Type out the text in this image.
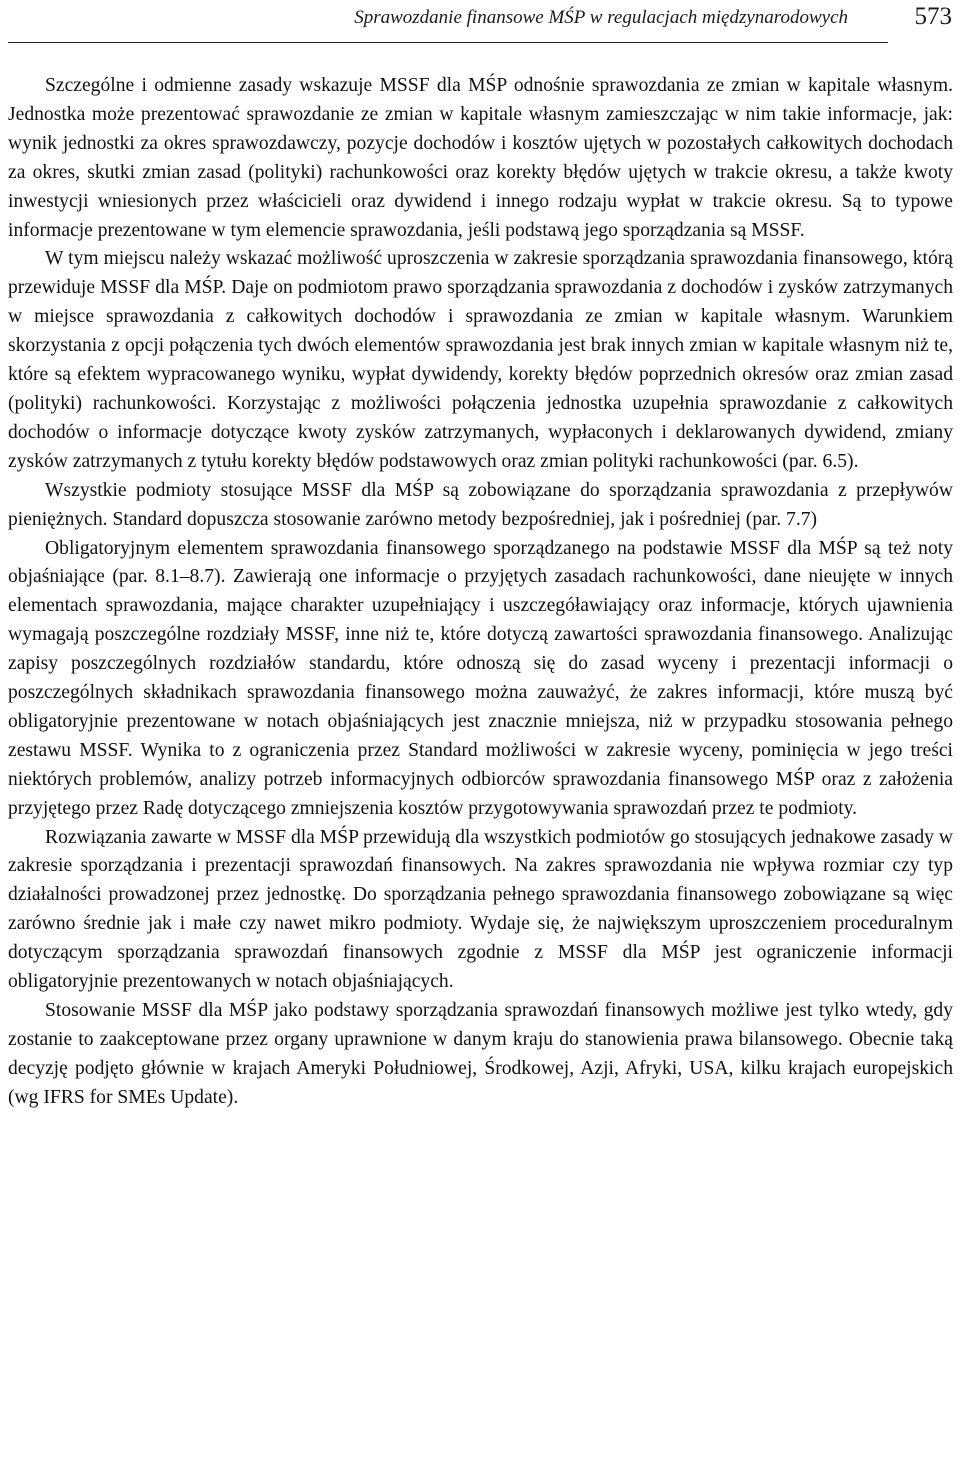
Sprawozdanie finansowe MŚP w regulacjach międzynarodowych	573

Szczególne i odmienne zasady wskazuje MSSF dla MŚP odnośnie sprawozdania ze zmian w kapitale własnym. Jednostka może prezentować sprawozdanie ze zmian w kapitale własnym zamieszczając w nim takie informacje, jak: wynik jednostki za okres sprawozdawczy, pozycje dochodów i kosztów ujętych w pozostałych całkowitych dochodach za okres, skutki zmian zasad (polityki) rachunkowości oraz korekty błędów ujętych w trakcie okresu, a także kwoty inwestycji wniesionych przez właścicieli oraz dywidend i innego rodzaju wypłat w trakcie okresu. Są to typowe informacje prezentowane w tym elemencie sprawozdania, jeśli podstawą jego sporządzania są MSSF.

W tym miejscu należy wskazać możliwość uproszczenia w zakresie sporządzania sprawozdania finansowego, którą przewiduje MSSF dla MŚP. Daje on podmiotom prawo sporządzania sprawozdania z dochodów i zysków zatrzymanych w miejsce sprawozdania z całkowitych dochodów i sprawozdania ze zmian w kapitale własnym. Warunkiem skorzystania z opcji połączenia tych dwóch elementów sprawozdania jest brak innych zmian w kapitale własnym niż te, które są efektem wypracowanego wyniku, wypłat dywidendy, korekty błędów poprzednich okresów oraz zmian zasad (polityki) rachunkowości. Korzystając z możliwości połączenia jednostka uzupełnia sprawozdanie z całkowitych dochodów o informacje dotyczące kwoty zysków zatrzymanych, wypłaconych i deklarowanych dywidend, zmiany zysków zatrzymanych z tytułu korekty błędów podstawowych oraz zmian polityki rachunkowości (par. 6.5).

Wszystkie podmioty stosujące MSSF dla MŚP są zobowiązane do sporządzania sprawozdania z przepływów pieniężnych. Standard dopuszcza stosowanie zarówno metody bezpośredniej, jak i pośredniej (par. 7.7)

Obligatoryjnym elementem sprawozdania finansowego sporządzanego na podstawie MSSF dla MŚP są też noty objaśniające (par. 8.1–8.7). Zawierają one informacje o przyjętych zasadach rachunkowości, dane nieujęte w innych elementach sprawozdania, mające charakter uzupełniający i uszczegóławiający oraz informacje, których ujawnienia wymagają poszczególne rozdziały MSSF, inne niż te, które dotyczą zawartości sprawozdania finansowego. Analizując zapisy poszczególnych rozdziałów standardu, które odnoszą się do zasad wyceny i prezentacji informacji o poszczególnych składnikach sprawozdania finansowego można zauważyć, że zakres informacji, które muszą być obligatoryjnie prezentowane w notach objaśniających jest znacznie mniejsza, niż w przypadku stosowania pełnego zestawu MSSF. Wynika to z ograniczenia przez Standard możliwości w zakresie wyceny, pominięcia w jego treści niektórych problemów, analizy potrzeb informacyjnych odbiorców sprawozdania finansowego MŚP oraz z założenia przyjętego przez Radę dotyczącego zmniejszenia kosztów przygotowywania sprawozdań przez te podmioty.

Rozwiązania zawarte w MSSF dla MŚP przewidują dla wszystkich podmiotów go stosujących jednakowe zasady w zakresie sporządzania i prezentacji sprawozdań finansowych. Na zakres sprawozdania nie wpływa rozmiar czy typ działalności prowadzonej przez jednostkę. Do sporządzania pełnego sprawozdania finansowego zobowiązane są więc zarówno średnie jak i małe czy nawet mikro podmioty. Wydaje się, że największym uproszczeniem proceduralnym dotyczącym sporządzania sprawozdań finansowych zgodnie z MSSF dla MŚP jest ograniczenie informacji obligatoryjnie prezentowanych w notach objaśniających.

Stosowanie MSSF dla MŚP jako podstawy sporządzania sprawozdań finansowych możliwe jest tylko wtedy, gdy zostanie to zaakceptowane przez organy uprawnione w danym kraju do stanowienia prawa bilansowego. Obecnie taką decyzję podjęto głównie w krajach Ameryki Południowej, Środkowej, Azji, Afryki, USA, kilku krajach europejskich (wg IFRS for SMEs Update).
